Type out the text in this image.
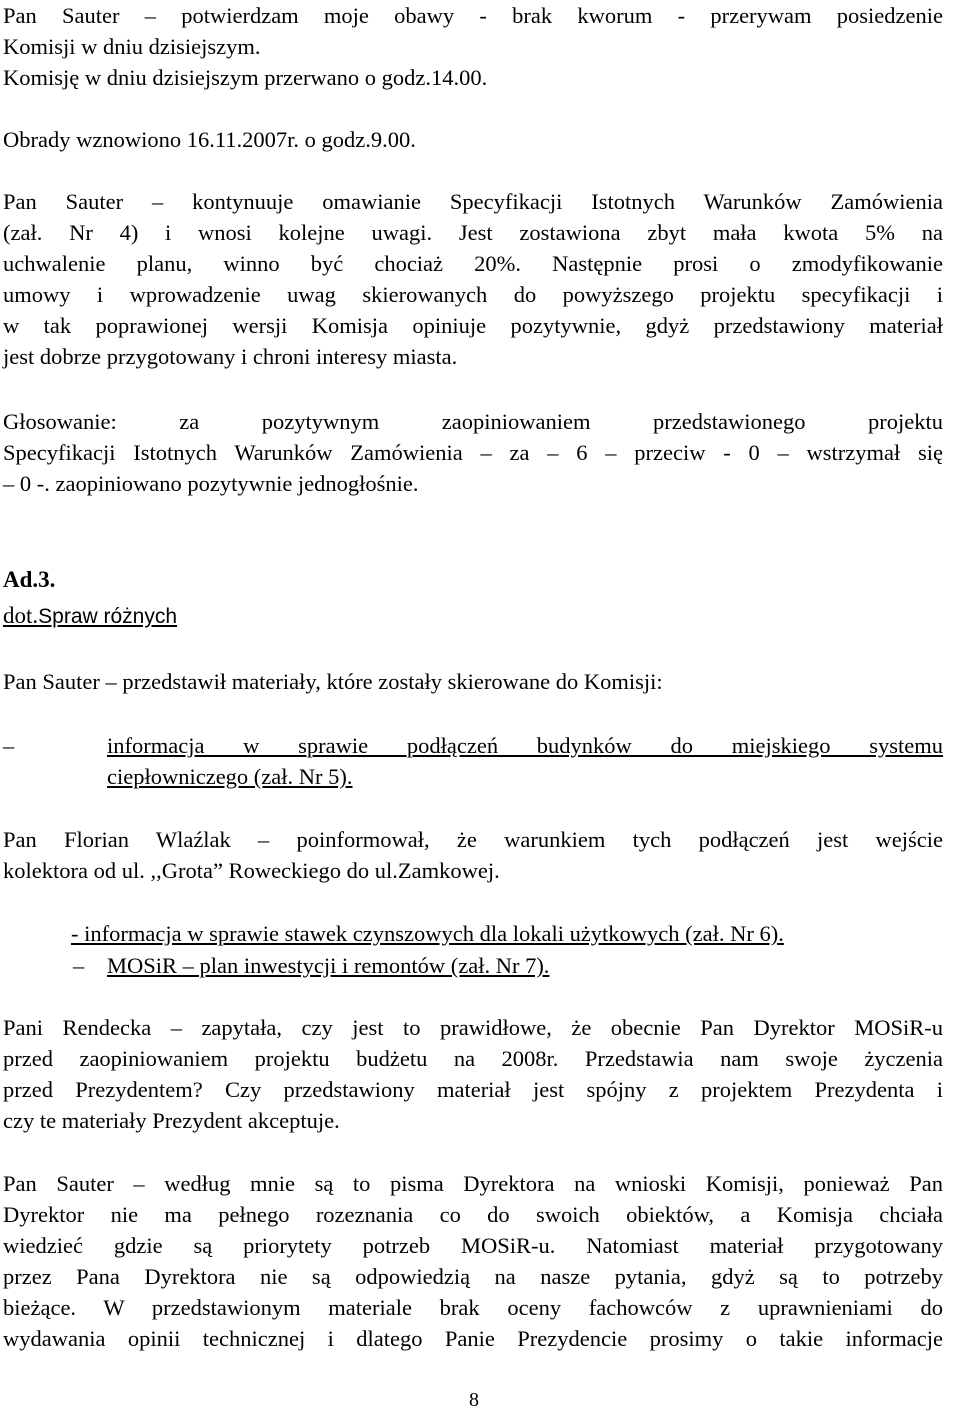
Pan Sauter – potwierdzam moje obawy - brak kworum - przerywam posiedzenie
Komisji w dniu dzisiejszym.
Komisję w dniu dzisiejszym przerwano o godz.14.00.
Obrady wznowiono 16.11.2007r. o godz.9.00.
Pan Sauter – kontynuuje omawianie Specyfikacji Istotnych Warunków Zamówienia
(zał. Nr 4) i wnosi kolejne uwagi. Jest zostawiona zbyt mała kwota 5% na
uchwalenie planu, winno być chociaż 20%. Następnie prosi o zmodyfikowanie
umowy i wprowadzenie uwag skierowanych do powyższego projektu specyfikacji i
w tak poprawionej wersji Komisja opiniuje pozytywnie, gdyż przedstawiony materiał
jest dobrze przygotowany i chroni interesy miasta.
Głosowanie: za pozytywnym zaopiniowaniem przedstawionego projektu
Specyfikacji Istotnych Warunków Zamówienia – za – 6 – przeciw - 0 – wstrzymał się
– 0 -. zaopiniowano pozytywnie jednogłośnie.
Ad.3.
dot.Spraw różnych
Pan Sauter – przedstawił materiały, które zostały skierowane do Komisji:
–	informacja w sprawie podłączeń budynków do miejskiego systemu
ciepłowniczego (zał. Nr 5).
Pan Florian Wlaźlak – poinformował, że warunkiem tych podłączeń jest wejście
kolektora od ul. ,,Grota” Roweckiego do ul.Zamkowej.
- informacja w sprawie stawek czynszowych dla lokali użytkowych (zał. Nr 6).
–	MOSiR – plan inwestycji i remontów (zał. Nr 7).
Pani Rendecka – zapytała, czy jest to prawidłowe, że obecnie Pan Dyrektor MOSiR-u
przed zaopiniowaniem projektu budżetu na 2008r. Przedstawia nam swoje życzenia
przed Prezydentem? Czy przedstawiony materiał jest spójny z projektem Prezydenta i
czy te materiały Prezydent akceptuje.
Pan Sauter – według mnie są to pisma Dyrektora na wnioski Komisji, ponieważ Pan
Dyrektor nie ma pełnego rozeznania co do swoich obiektów, a Komisja chciała
wiedzieć gdzie są priorytety potrzeb MOSiR-u. Natomiast materiał przygotowany
przez Pana Dyrektora nie są odpowiedzią na nasze pytania, gdyż są to potrzeby
bieżące. W przedstawionym materiale brak oceny fachowców z uprawnieniami do
wydawania opinii technicznej i dlatego Panie Prezydencie prosimy o takie informacje
8
